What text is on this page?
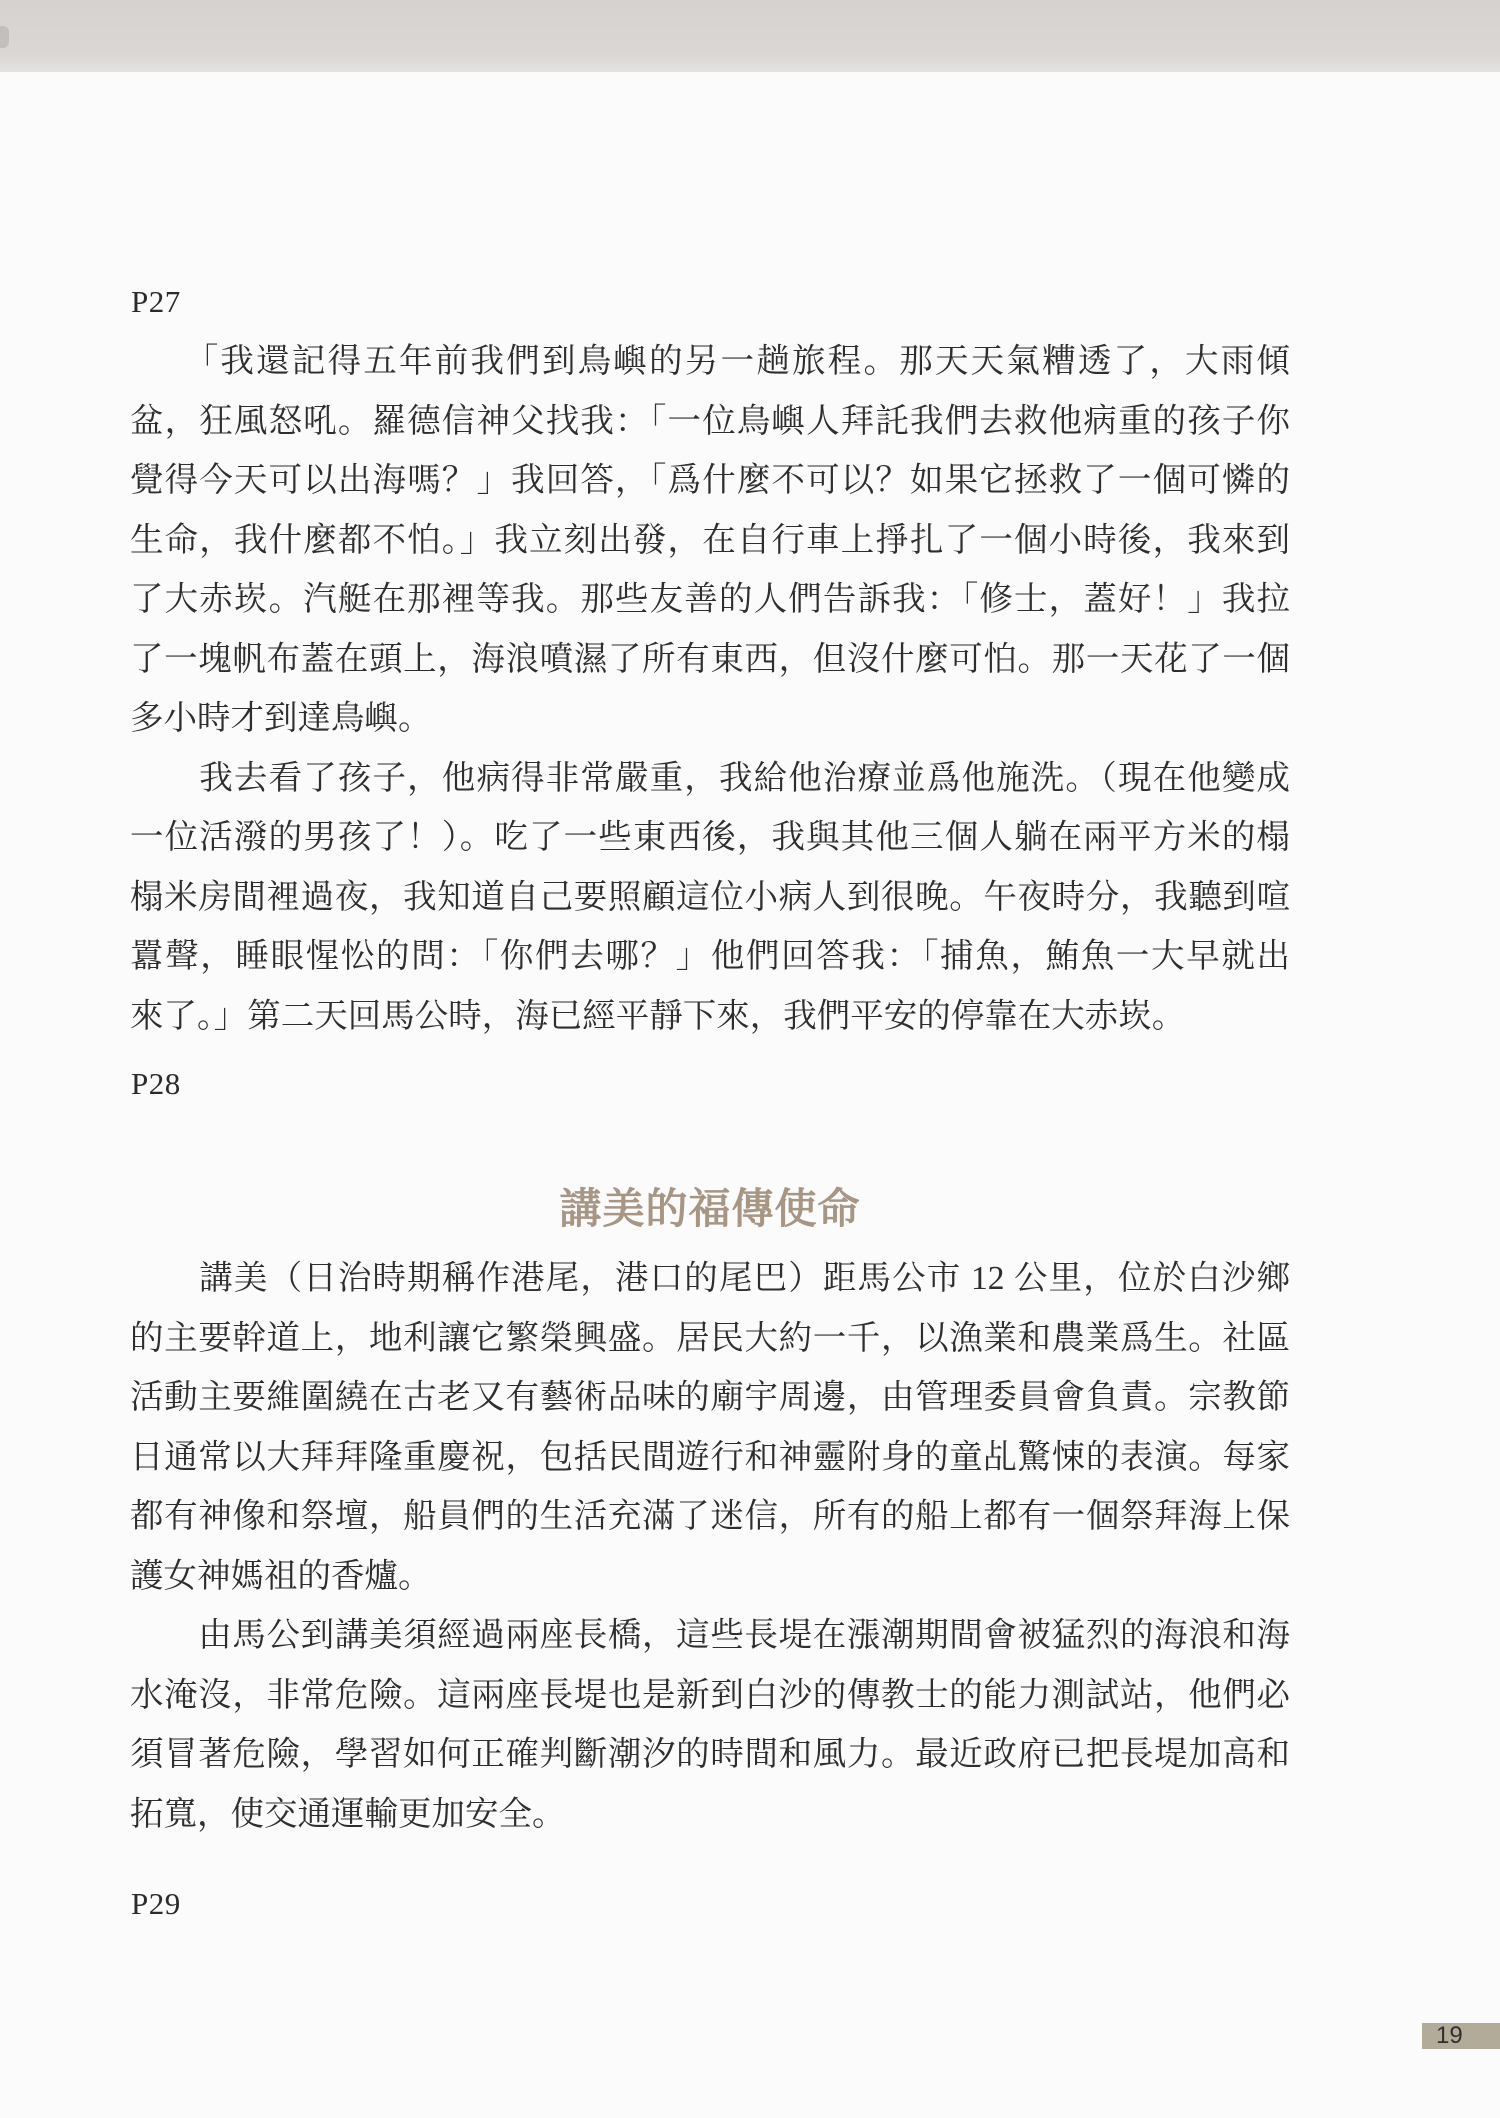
P27
　　「我還記得五年前我們到鳥嶼的另一趟旅程。那天天氣糟透了，大雨傾
盆，狂風怒吼。羅德信神父找我：「一位鳥嶼人拜託我們去救他病重的孩子你
覺得今天可以出海嗎？」我回答，「爲什麼不可以？如果它拯救了一個可憐的
生命，我什麼都不怕。」我立刻出發，在自行車上掙扎了一個小時後，我來到
了大赤崁。汽艇在那裡等我。那些友善的人們告訴我：「修士，蓋好！」我拉
了一塊帆布蓋在頭上，海浪噴濕了所有東西，但沒什麼可怕。那一天花了一個
多小時才到達鳥嶼。
　　我去看了孩子，他病得非常嚴重，我給他治療並爲他施洗。（現在他變成
一位活潑的男孩了！）。吃了一些東西後，我與其他三個人躺在兩平方米的榻
榻米房間裡過夜，我知道自己要照顧這位小病人到很晚。午夜時分，我聽到喧
囂聲，睡眼惺忪的問：「你們去哪？」他們回答我：「捕魚，鮪魚一大早就出
來了。」第二天回馬公時，海已經平靜下來，我們平安的停靠在大赤崁。
P28
講美的福傳使命
　　講美（日治時期稱作港尾，港口的尾巴）距馬公市 12 公里，位於白沙鄉
的主要幹道上，地利讓它繁榮興盛。居民大約一千，以漁業和農業爲生。社區
活動主要維圍繞在古老又有藝術品味的廟宇周邊，由管理委員會負責。宗教節
日通常以大拜拜隆重慶祝，包括民間遊行和神靈附身的童乩驚悚的表演。每家
都有神像和祭壇，船員們的生活充滿了迷信，所有的船上都有一個祭拜海上保
護女神媽祖的香爐。
　　由馬公到講美須經過兩座長橋，這些長堤在漲潮期間會被猛烈的海浪和海
水淹沒，非常危險。這兩座長堤也是新到白沙的傳教士的能力測試站，他們必
須冒著危險，學習如何正確判斷潮汐的時間和風力。最近政府已把長堤加高和
拓寬，使交通運輸更加安全。
P29
19
